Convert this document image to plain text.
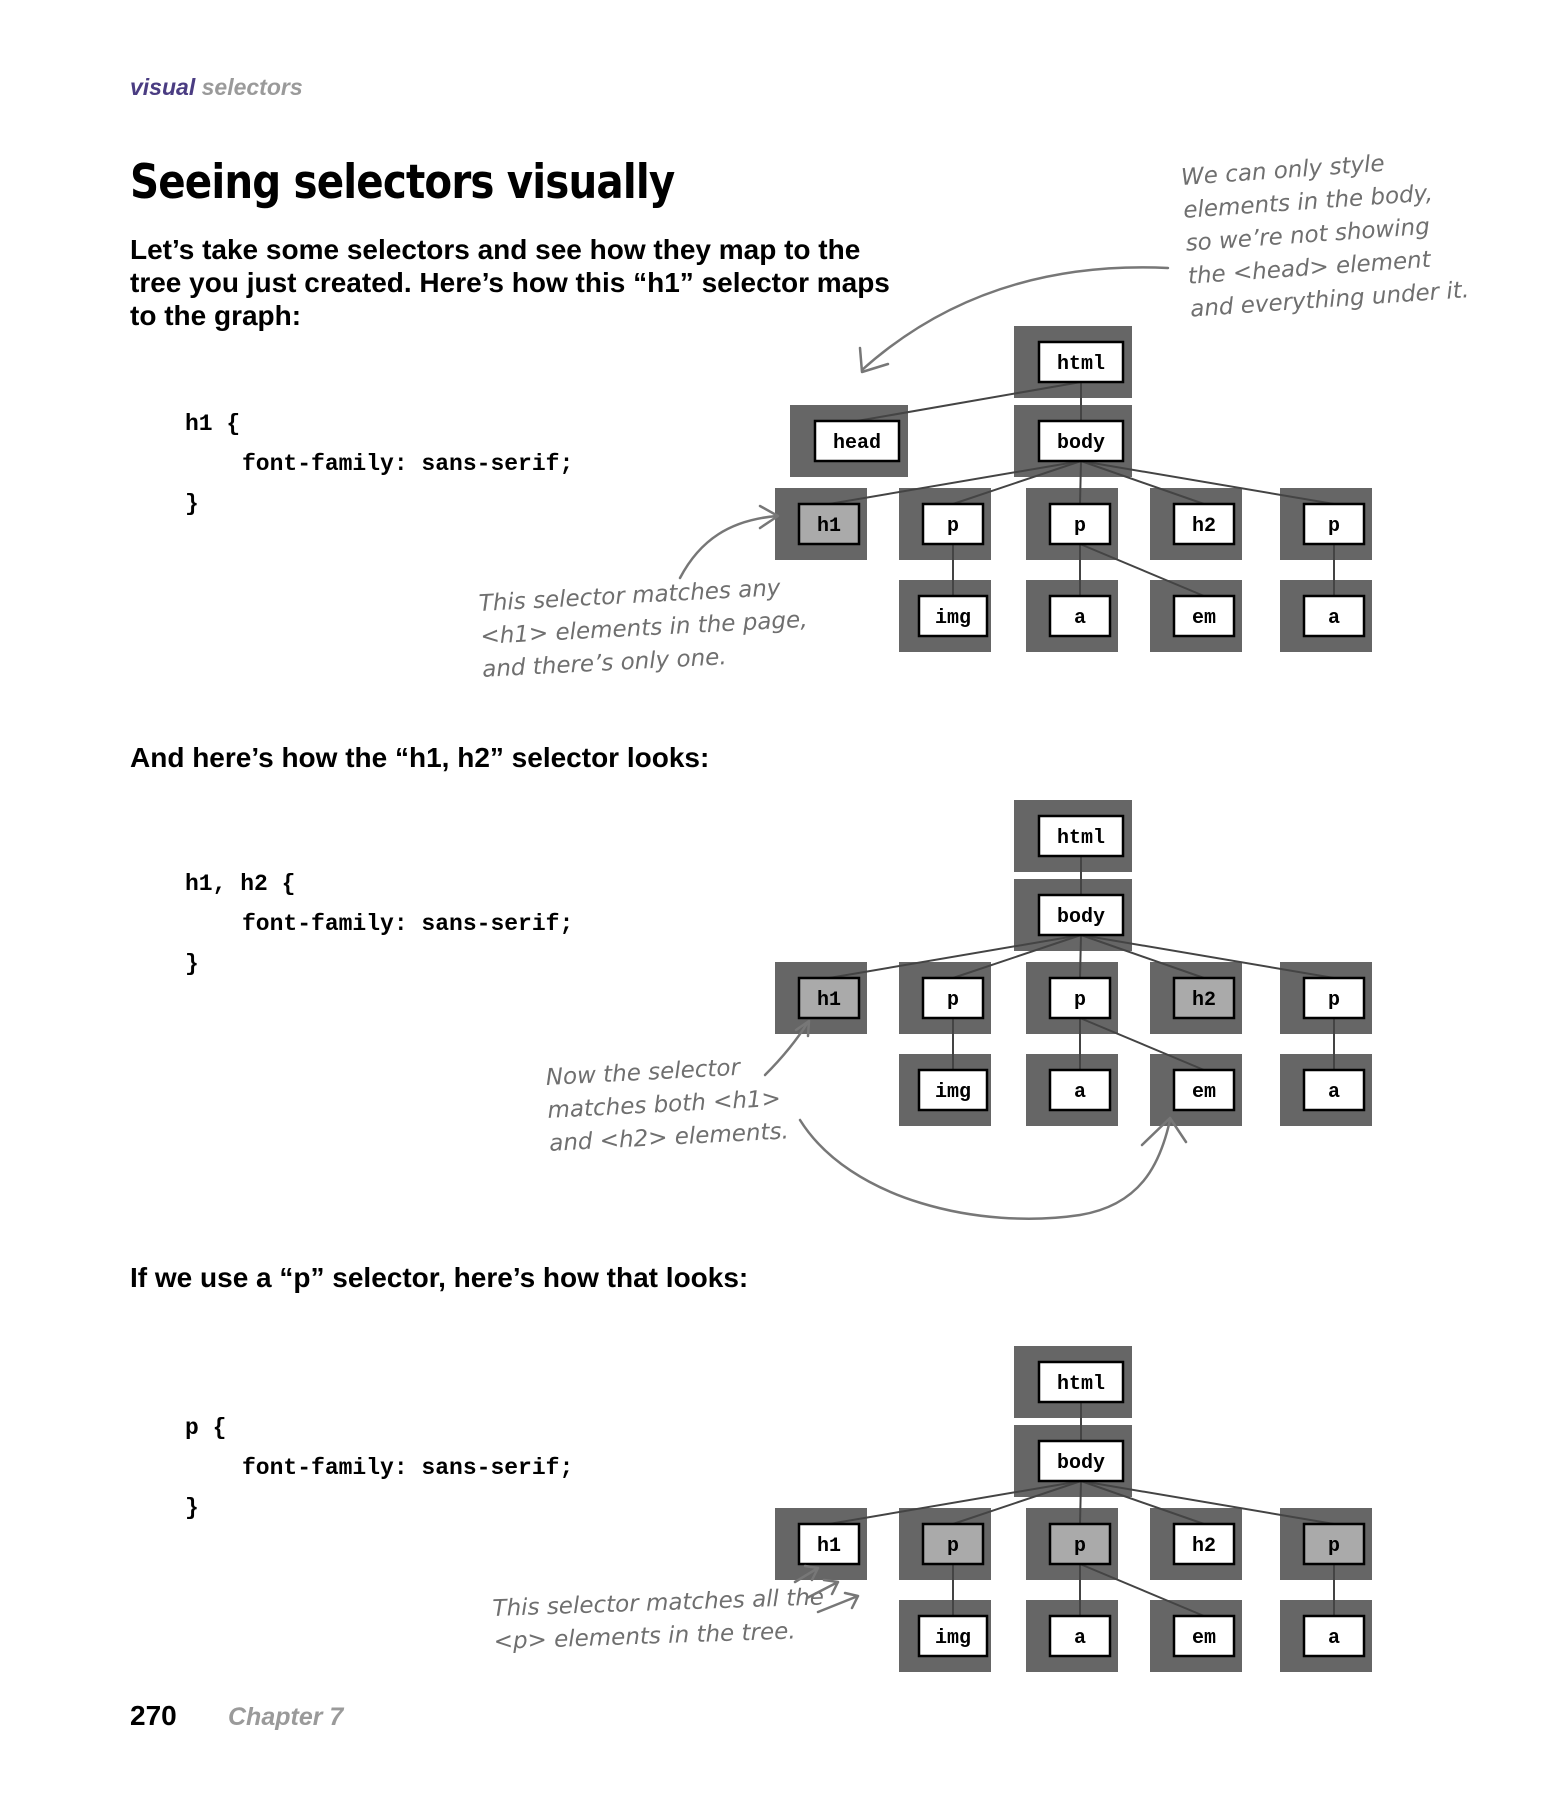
visual selectors
Seeing selectors visually

Let’s take some selectors and see how they map to the tree you just created. Here’s how this “h1” selector maps to the graph:

And here’s how the “h1, h2” selector looks:

If we use a “p” selector, here’s how that looks:

h1 {
font-family: sans-serif;
}
h1, h2 {
font-family: sans-serif;
}
p {
font-family: sans-serif;
}
We can only style
elements in the body,
so we’re not showing
the <head> element
and everything under it.
This selector matches any
<h1> elements in the page,
and there’s only one.
Now the selector
matches both <h1>
and <h2> elements.
This selector matches all the
<p> elements in the tree.
270 Chapter 7
html
head	body
h1	p	p	h2	p
img	a	em	a
html
body
h1	p	p	h2	p
img	a	em	a
html
body
h1	p	p	h2	p
img	a	em	a
